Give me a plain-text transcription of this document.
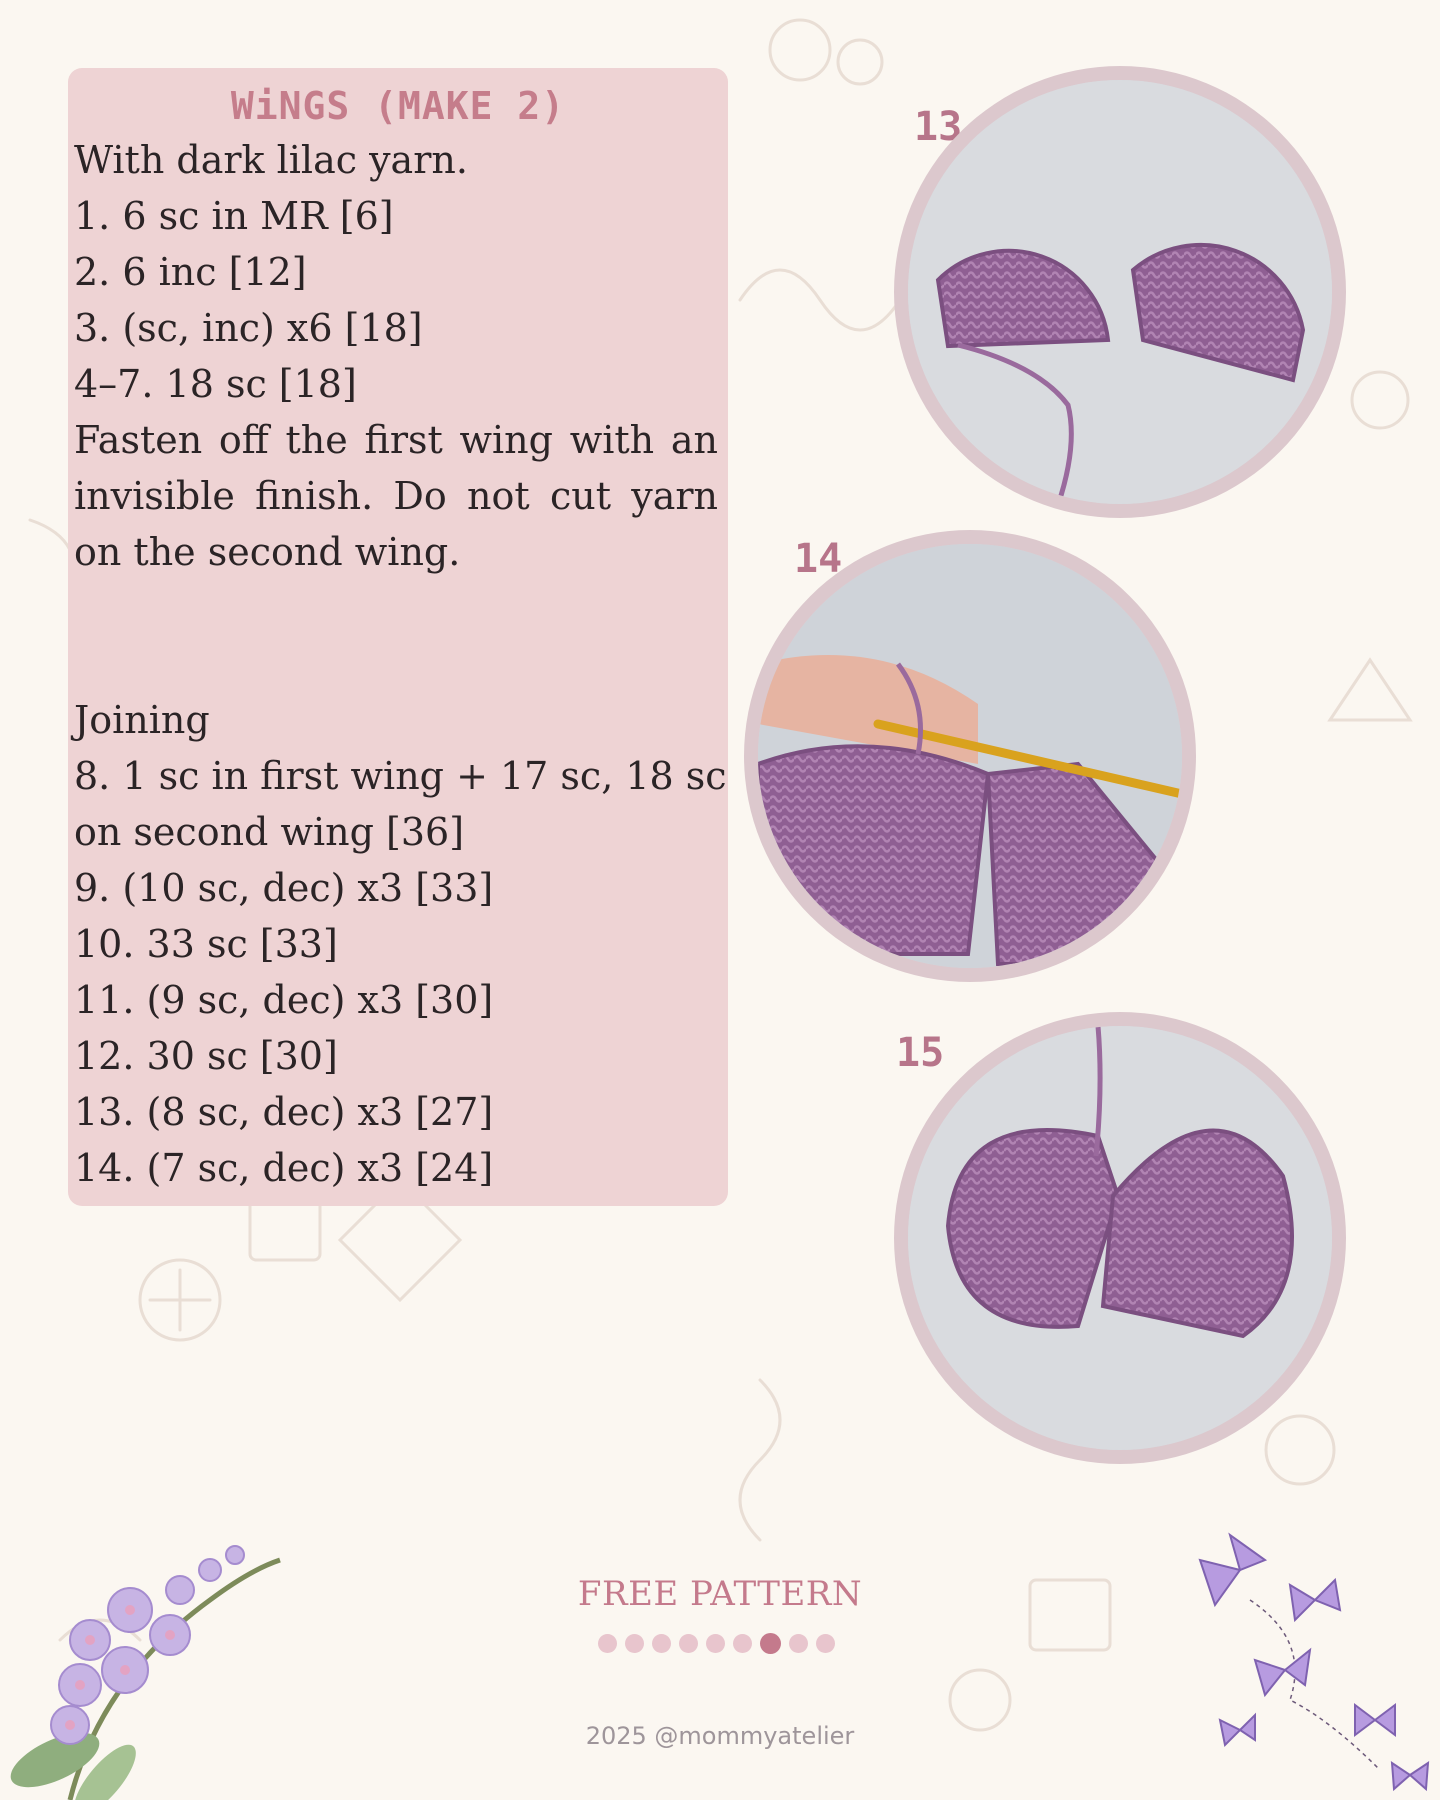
WiNGS (MAKE 2)
With dark lilac yarn.
1. 6 sc in MR [6]
2. 6 inc [12]
3. (sc, inc) x6 [18]
4–7. 18 sc [18]
Fasten off the first wing with an
invisible finish. Do not cut yarn
on the second wing.
Joining
8. 1 sc in first wing + 17 sc, 18 sc
on second wing [36]
9. (10 sc, dec) x3 [33]
10. 33 sc [33]
11. (9 sc, dec) x3 [30]
12. 30 sc [30]
13. (8 sc, dec) x3 [27]
14. (7 sc, dec) x3 [24]
13
14
15
FREE PATTERN
2025 @mommyatelier
